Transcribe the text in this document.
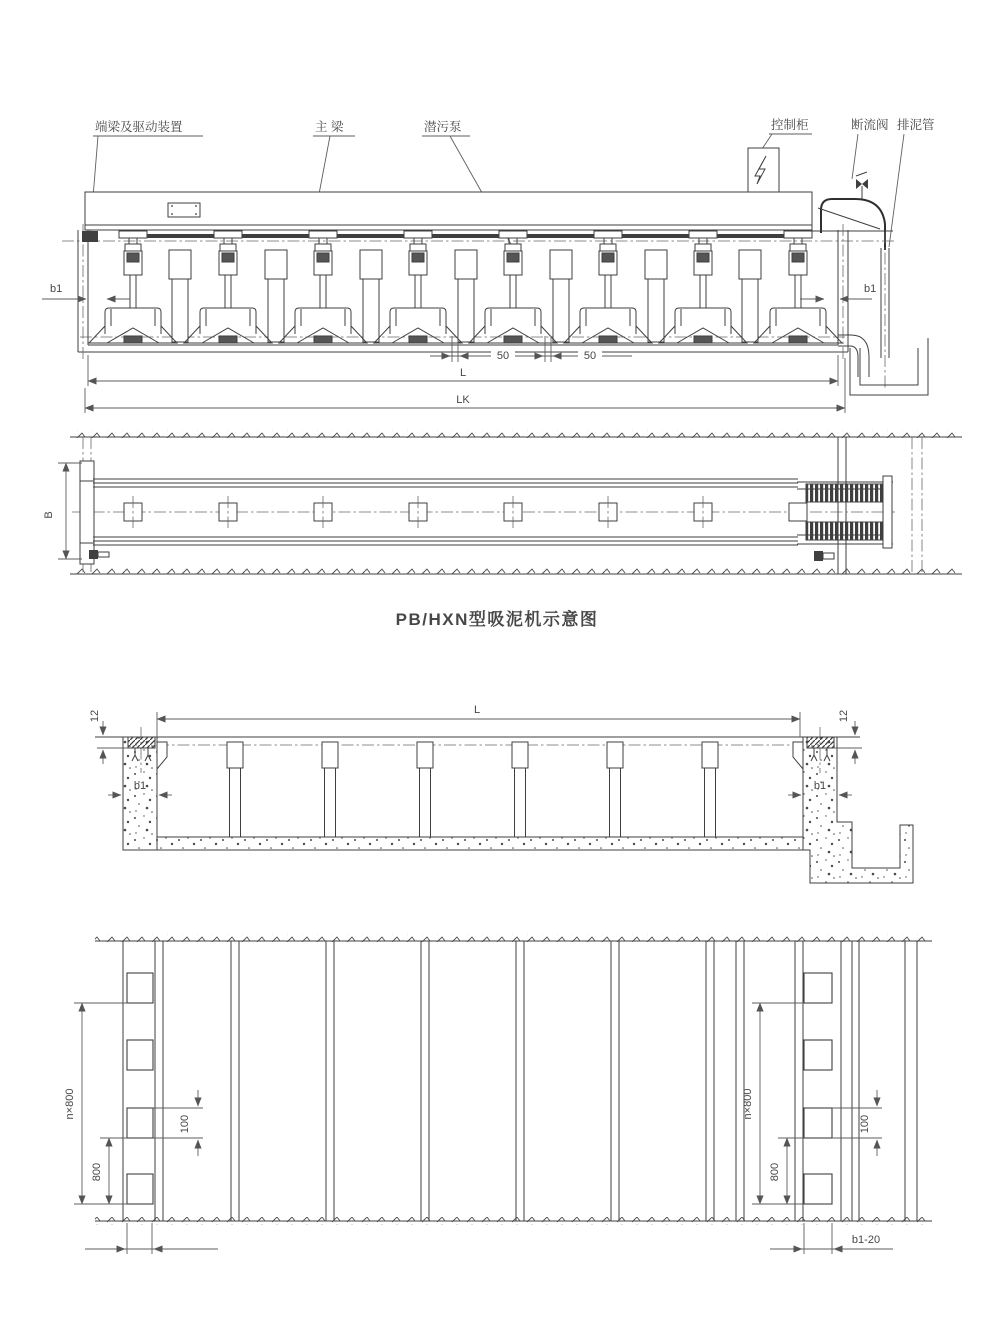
端梁及驱动装置	主 梁	潜污泵	控制柜	断流阀 排泥管
b1	b1
50	50
L
LK
B
PB/HXN型吸泥机示意图
12	12
L
b1	b1
n×800
800
100
n×800
800
100
b1-20
